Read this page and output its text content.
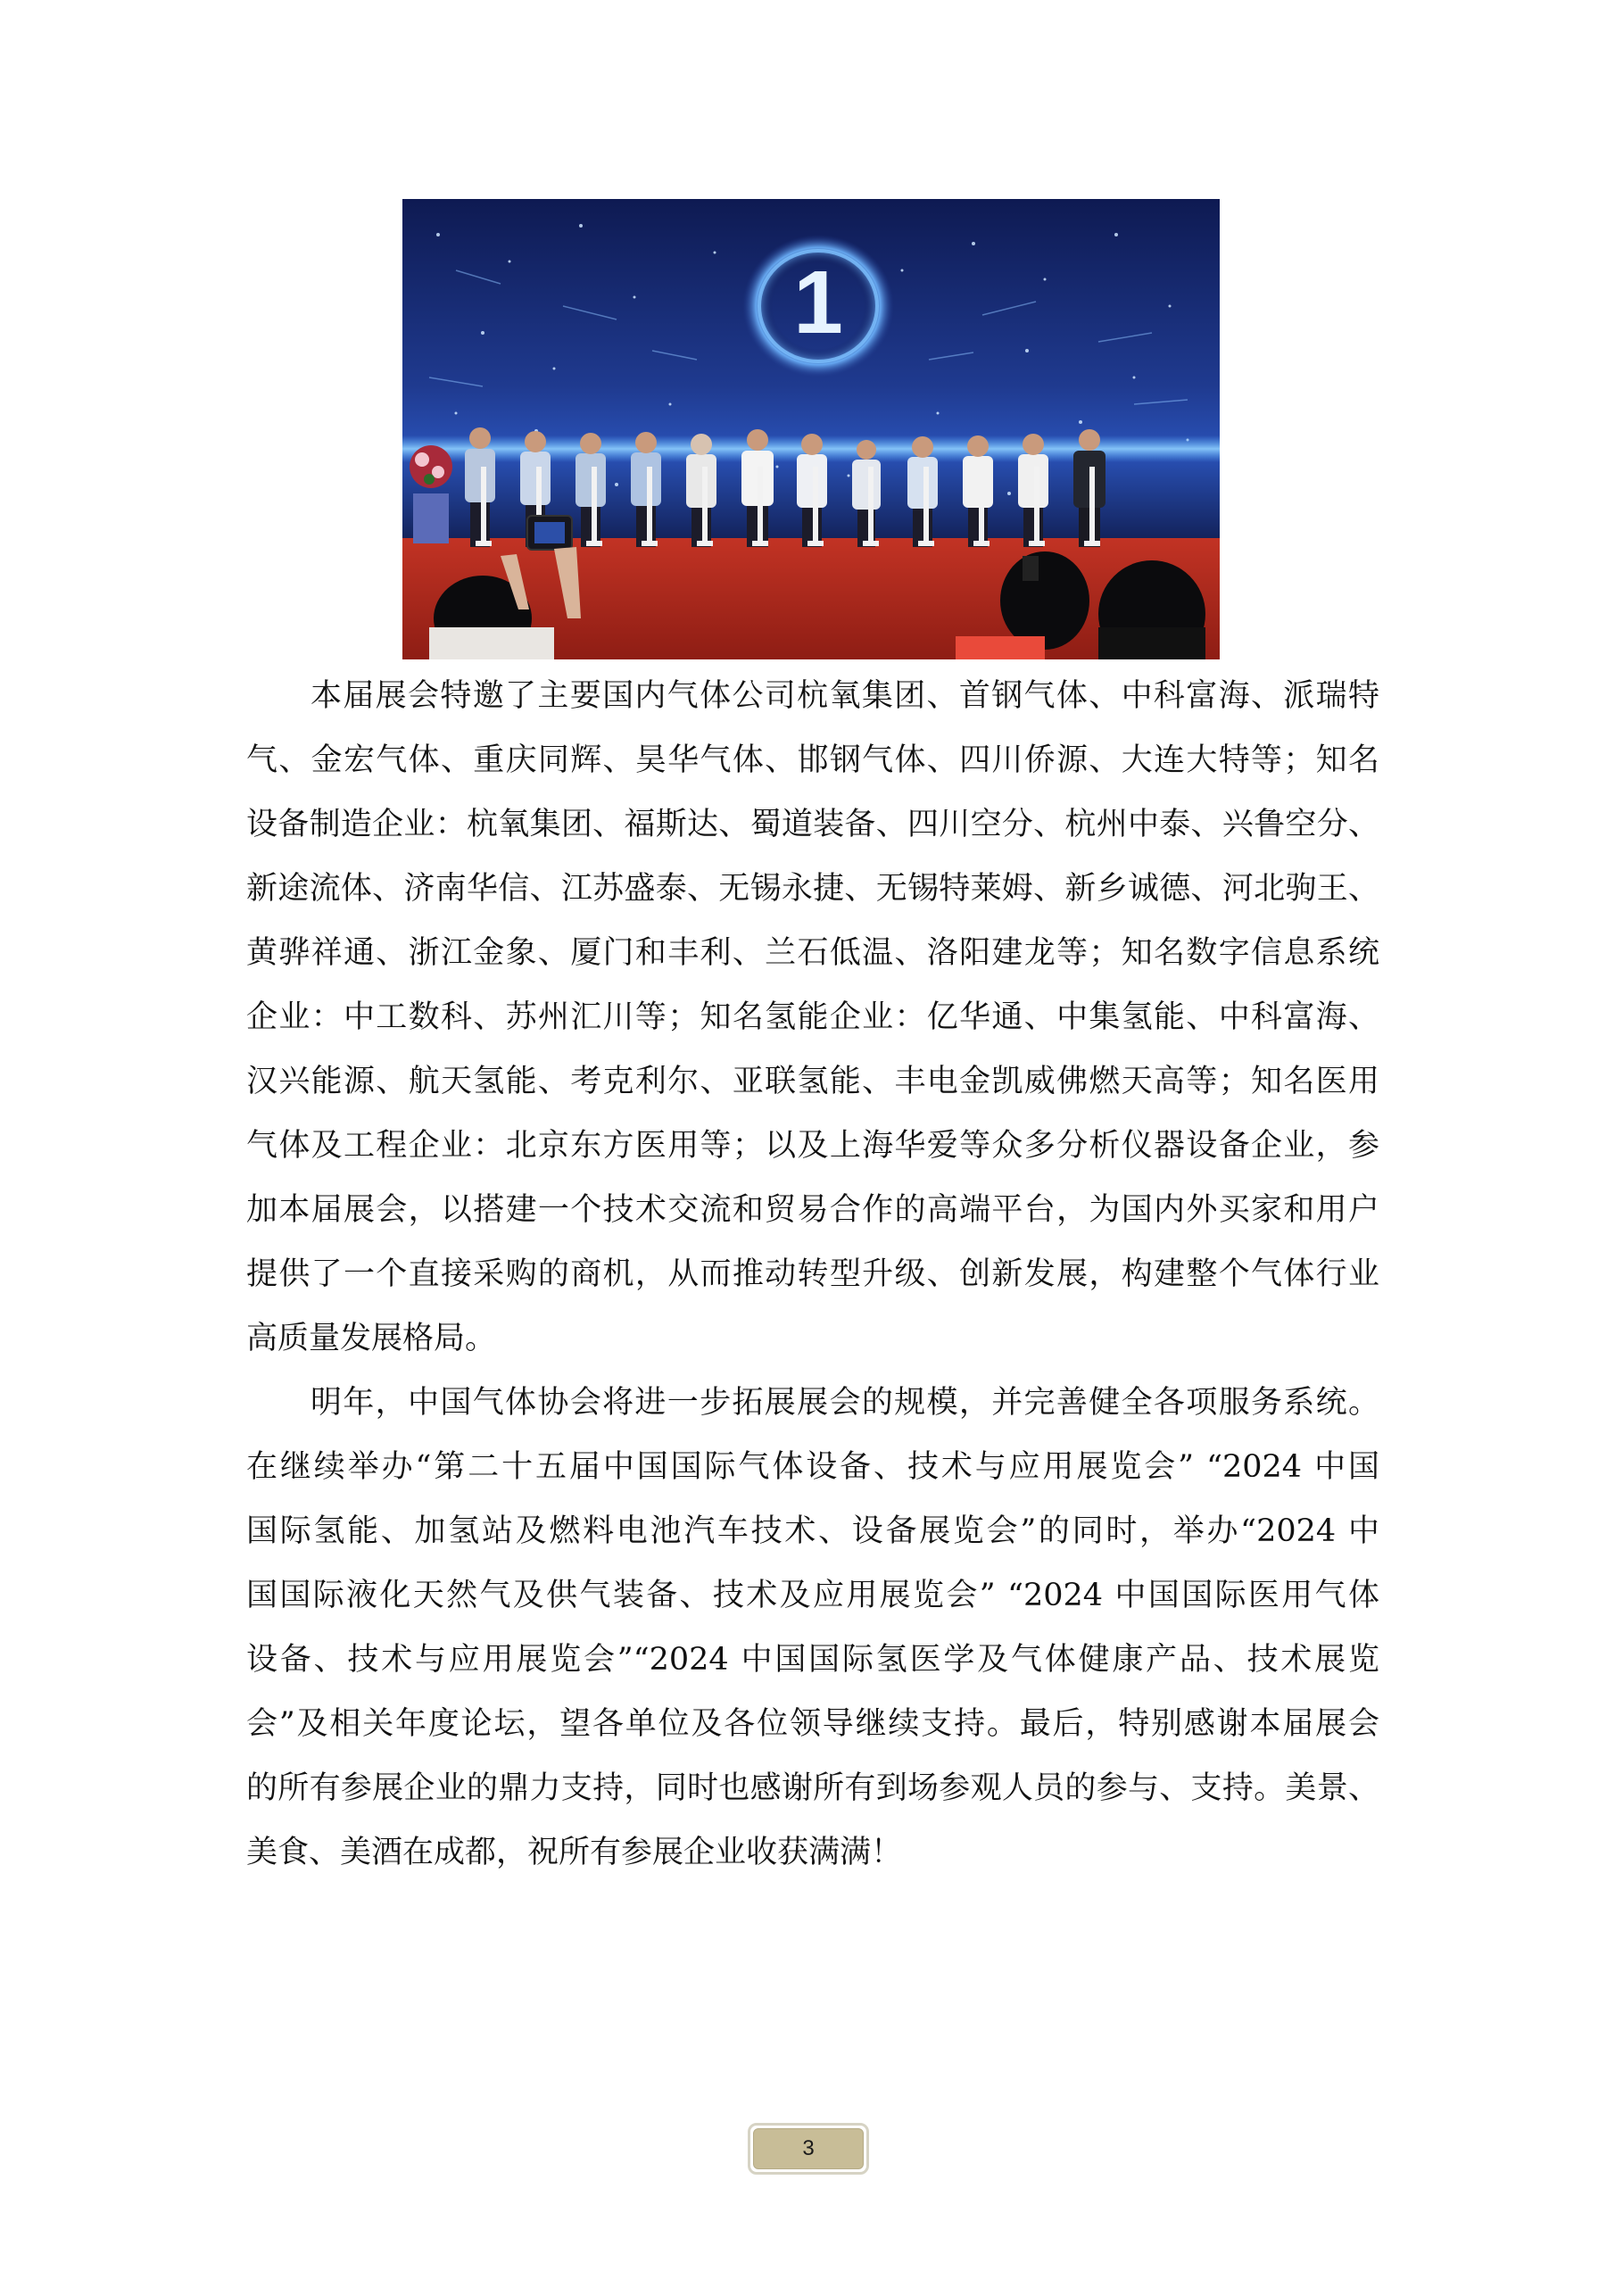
1
本届展会特邀了主要国内气体公司杭氧集团、首钢气体、中科富海、派瑞特
气、金宏气体、重庆同辉、昊华气体、邯钢气体、四川侨源、大连大特等；知名
设备制造企业：杭氧集团、福斯达、蜀道装备、四川空分、杭州中泰、兴鲁空分、
新途流体、济南华信、江苏盛泰、无锡永捷、无锡特莱姆、新乡诚德、河北驹王、
黄骅祥通、浙江金象、厦门和丰利、兰石低温、洛阳建龙等；知名数字信息系统
企业：中工数科、苏州汇川等；知名氢能企业：亿华通、中集氢能、中科富海、
汉兴能源、航天氢能、考克利尔、亚联氢能、丰电金凯威佛燃天高等；知名医用
气体及工程企业：北京东方医用等；以及上海华爱等众多分析仪器设备企业，参
加本届展会，以搭建一个技术交流和贸易合作的高端平台，为国内外买家和用户
提供了一个直接采购的商机，从而推动转型升级、创新发展，构建整个气体行业
高质量发展格局。
明年，中国气体协会将进一步拓展展会的规模，并完善健全各项服务系统。
在继续举办“第二十五届中国国际气体设备、技术与应用展览会” “2024 中国
国际氢能、加氢站及燃料电池汽车技术、设备展览会”的同时，举办“2024 中
国国际液化天然气及供气装备、技术及应用展览会” “2024 中国国际医用气体
设备、技术与应用展览会”“2024 中国国际氢医学及气体健康产品、技术展览
会”及相关年度论坛，望各单位及各位领导继续支持。最后，特别感谢本届展会
的所有参展企业的鼎力支持，同时也感谢所有到场参观人员的参与、支持。美景、
美食、美酒在成都，祝所有参展企业收获满满！
3
